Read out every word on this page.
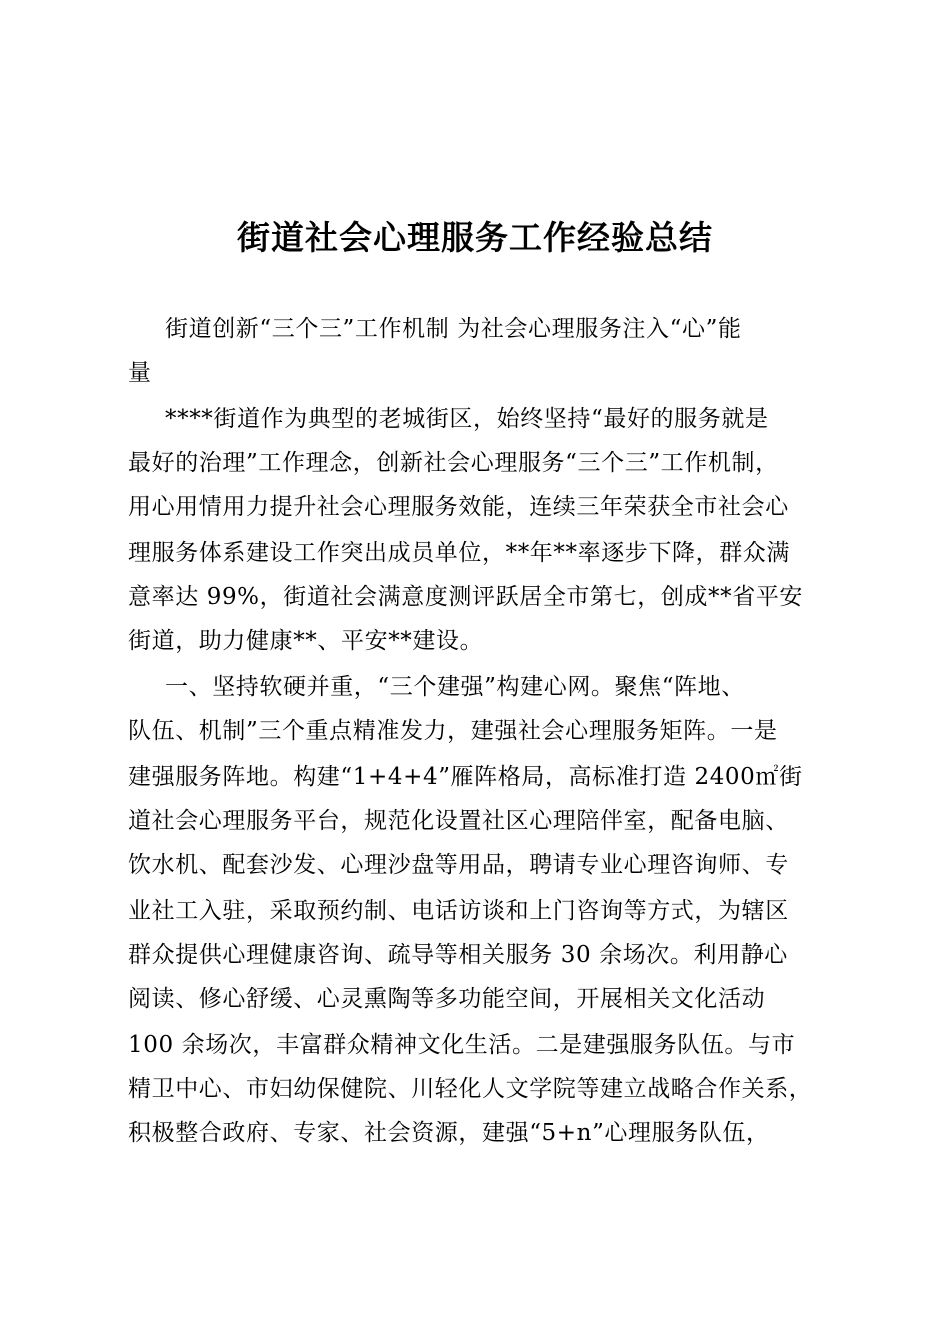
街道社会心理服务工作经验总结
街道创新“三个三”工作机制 为社会心理服务注入“心”能
量
****街道作为典型的老城街区，始终坚持“最好的服务就是
最好的治理”工作理念，创新社会心理服务“三个三”工作机制，
用心用情用力提升社会心理服务效能，连续三年荣获全市社会心
理服务体系建设工作突出成员单位，**年**率逐步下降，群众满
意率达 99%，街道社会满意度测评跃居全市第七，创成**省平安
街道，助力健康**、平安**建设。
一、坚持软硬并重，“三个建强”构建心网。聚焦“阵地、
队伍、机制”三个重点精准发力，建强社会心理服务矩阵。一是
建强服务阵地。构建“1+4+4”雁阵格局，高标准打造 2400㎡街
道社会心理服务平台，规范化设置社区心理陪伴室，配备电脑、
饮水机、配套沙发、心理沙盘等用品，聘请专业心理咨询师、专
业社工入驻，采取预约制、电话访谈和上门咨询等方式，为辖区
群众提供心理健康咨询、疏导等相关服务 30 余场次。利用静心
阅读、修心舒缓、心灵熏陶等多功能空间，开展相关文化活动
100 余场次，丰富群众精神文化生活。二是建强服务队伍。与市
精卫中心、市妇幼保健院、川轻化人文学院等建立战略合作关系，
积极整合政府、专家、社会资源，建强“5+n”心理服务队伍，
